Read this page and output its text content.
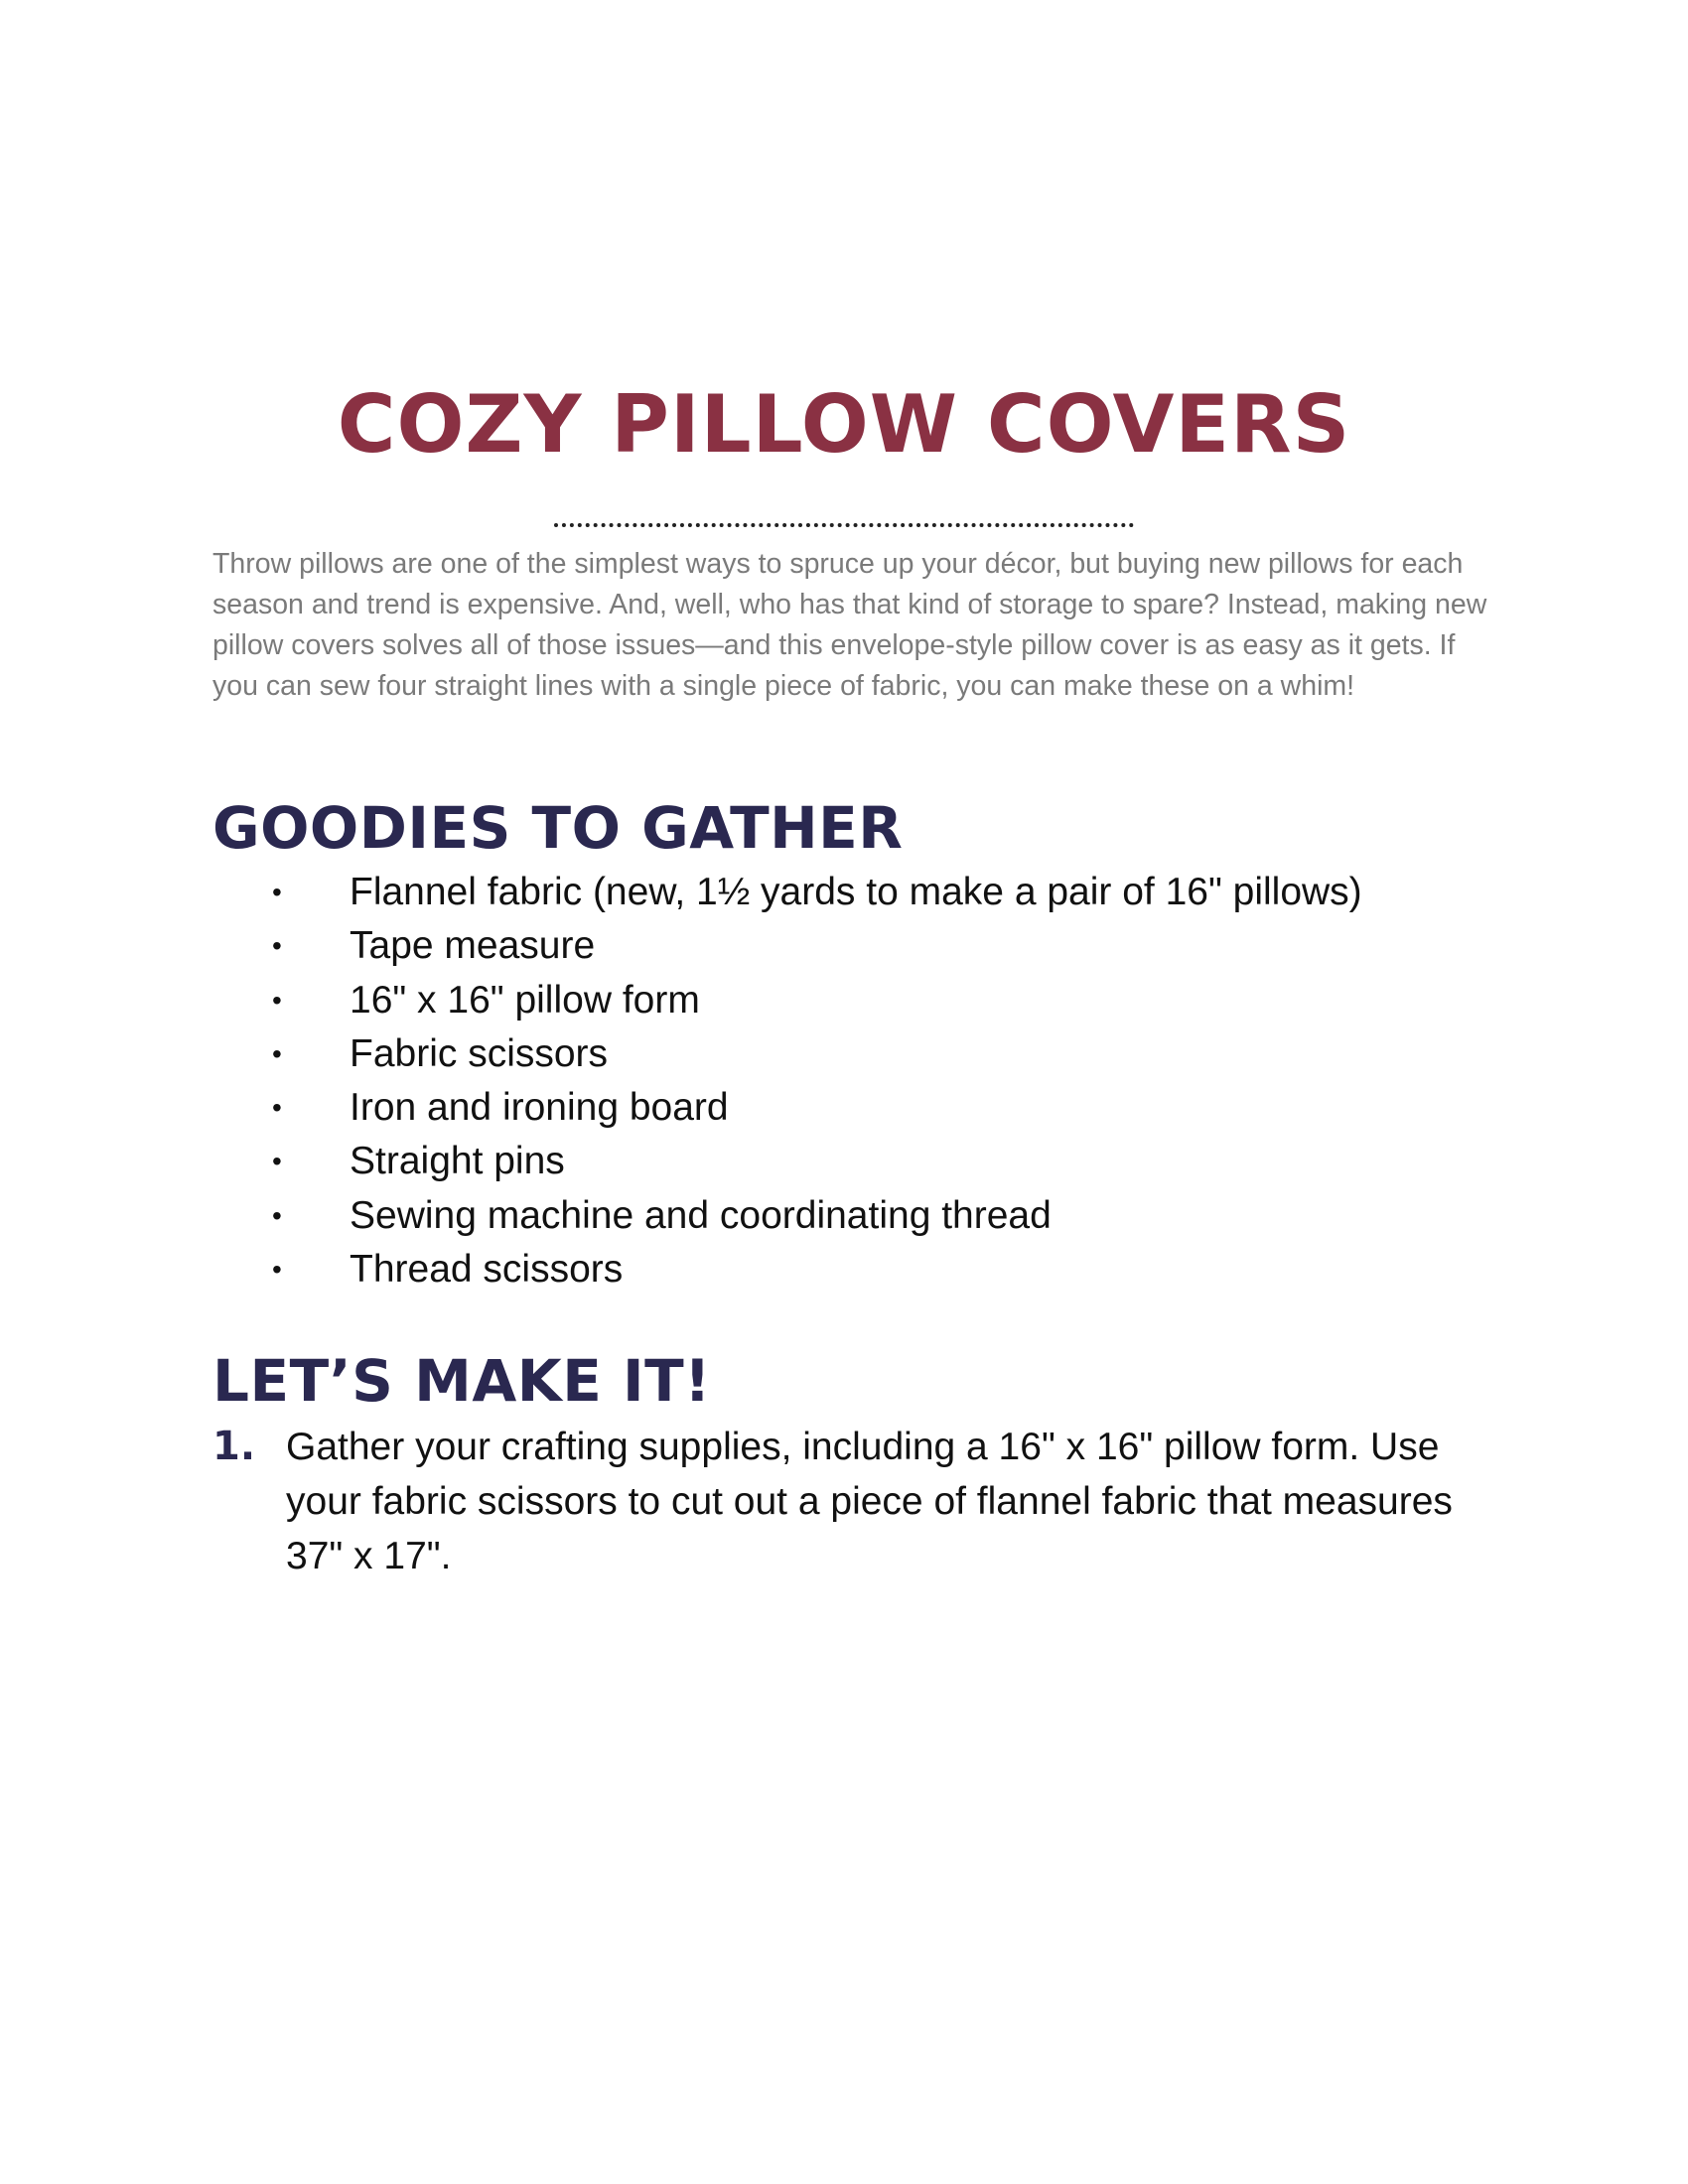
COZY PILLOW COVERS

Throw pillows are one of the simplest ways to spruce up your décor, but buying new pillows for each season and trend is expensive. And, well, who has that kind of storage to spare? Instead, making new pillow covers solves all of those issues—and this envelope-style pillow cover is as easy as it gets. If you can sew four straight lines with a single piece of fabric, you can make these on a whim!

GOODIES TO GATHER
• Flannel fabric (new, 1½ yards to make a pair of 16" pillows)
• Tape measure
• 16" x 16" pillow form
• Fabric scissors
• Iron and ironing board
• Straight pins
• Sewing machine and coordinating thread
• Thread scissors
LET’S MAKE IT!
1. Gather your crafting supplies, including a 16" x 16" pillow form. Use your fabric scissors to cut out a piece of flannel fabric that measures 37" x 17".
